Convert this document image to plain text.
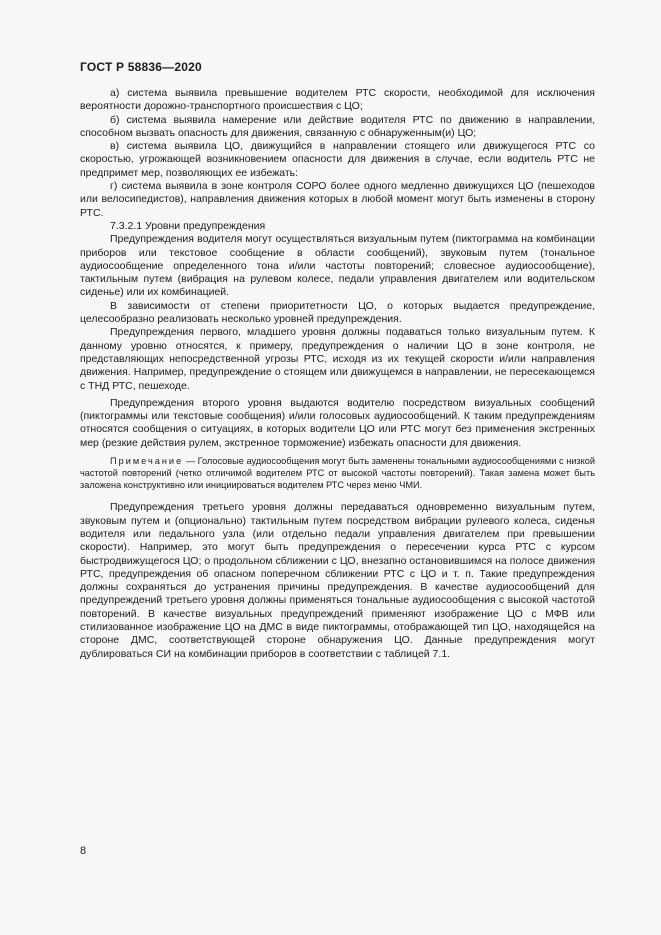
ГОСТ Р 58836—2020

а) система выявила превышение водителем РТС скорости, необходимой для исключения вероятности дорожно-транспортного происшествия с ЦО;

б) система выявила намерение или действие водителя РТС по движению в направлении, способном вызвать опасность для движения, связанную с обнаруженным(и) ЦО;

в) система выявила ЦО, движущийся в направлении стоящего или движущегося РТС со скоростью, угрожающей возникновением опасности для движения в случае, если водитель РТС не предпримет мер, позволяющих ее избежать:

г) система выявила в зоне контроля СОРО более одного медленно движущихся ЦО (пешеходов или велосипедистов), направления движения которых в любой момент могут быть изменены в сторону РТС.

7.3.2.1 Уровни предупреждения

Предупреждения водителя могут осуществляться визуальным путем (пиктограмма на комбинации приборов или текстовое сообщение в области сообщений), звуковым путем (тональное аудиосообщение определенного тона и/или частоты повторений; словесное аудиосообщение), тактильным путем (вибрация на рулевом колесе, педали управления двигателем или водительском сиденье) или их комбинацией.

В зависимости от степени приоритетности ЦО, о которых выдается предупреждение, целесообразно реализовать несколько уровней предупреждения.

Предупреждения первого, младшего уровня должны подаваться только визуальным путем. К данному уровню относятся, к примеру, предупреждения о наличии ЦО в зоне контроля, не представляющих непосредственной угрозы РТС, исходя из их текущей скорости и/или направления движения. Например, предупреждение о стоящем или движущемся в направлении, не пересекающемся с ТНД РТС, пешеходе.

Предупреждения второго уровня выдаются водителю посредством визуальных сообщений (пиктограммы или текстовые сообщения) и/или голосовых аудиосообщений. К таким предупреждениям относятся сообщения о ситуациях, в которых водители ЦО или РТС могут без применения экстренных мер (резкие действия рулем, экстренное торможение) избежать опасности для движения.

Примечание — Голосовые аудиосообщения могут быть заменены тональными аудиосообщениями с низкой частотой повторений (четко отличимой водителем РТС от высокой частоты повторений). Такая замена может быть заложена конструктивно или инициироваться водителем РТС через меню ЧМИ.

Предупреждения третьего уровня должны передаваться одновременно визуальным путем, звуковым путем и (опционально) тактильным путем посредством вибрации рулевого колеса, сиденья водителя или педального узла (или отдельно педали управления двигателем при превышении скорости). Например, это могут быть предупреждения о пересечении курса РТС с курсом быстродвижущегося ЦО; о продольном сближении с ЦО, внезапно остановившимся на полосе движения РТС, предупреждения об опасном поперечном сближении РТС с ЦО и т. п. Такие предупреждения должны сохраняться до устранения причины предупреждения. В качестве аудиосообщений для предупреждений третьего уровня должны применяться тональные аудиосообщения с высокой частотой повторений. В качестве визуальных предупреждений применяют изображение ЦО с МФВ или стилизованное изображение ЦО на ДМС в виде пиктограммы, отображающей тип ЦО, находящейся на стороне ДМС, соответствующей стороне обнаружения ЦО. Данные предупреждения могут дублироваться CИ на комбинации приборов в соответствии с таблицей 7.1.

8
